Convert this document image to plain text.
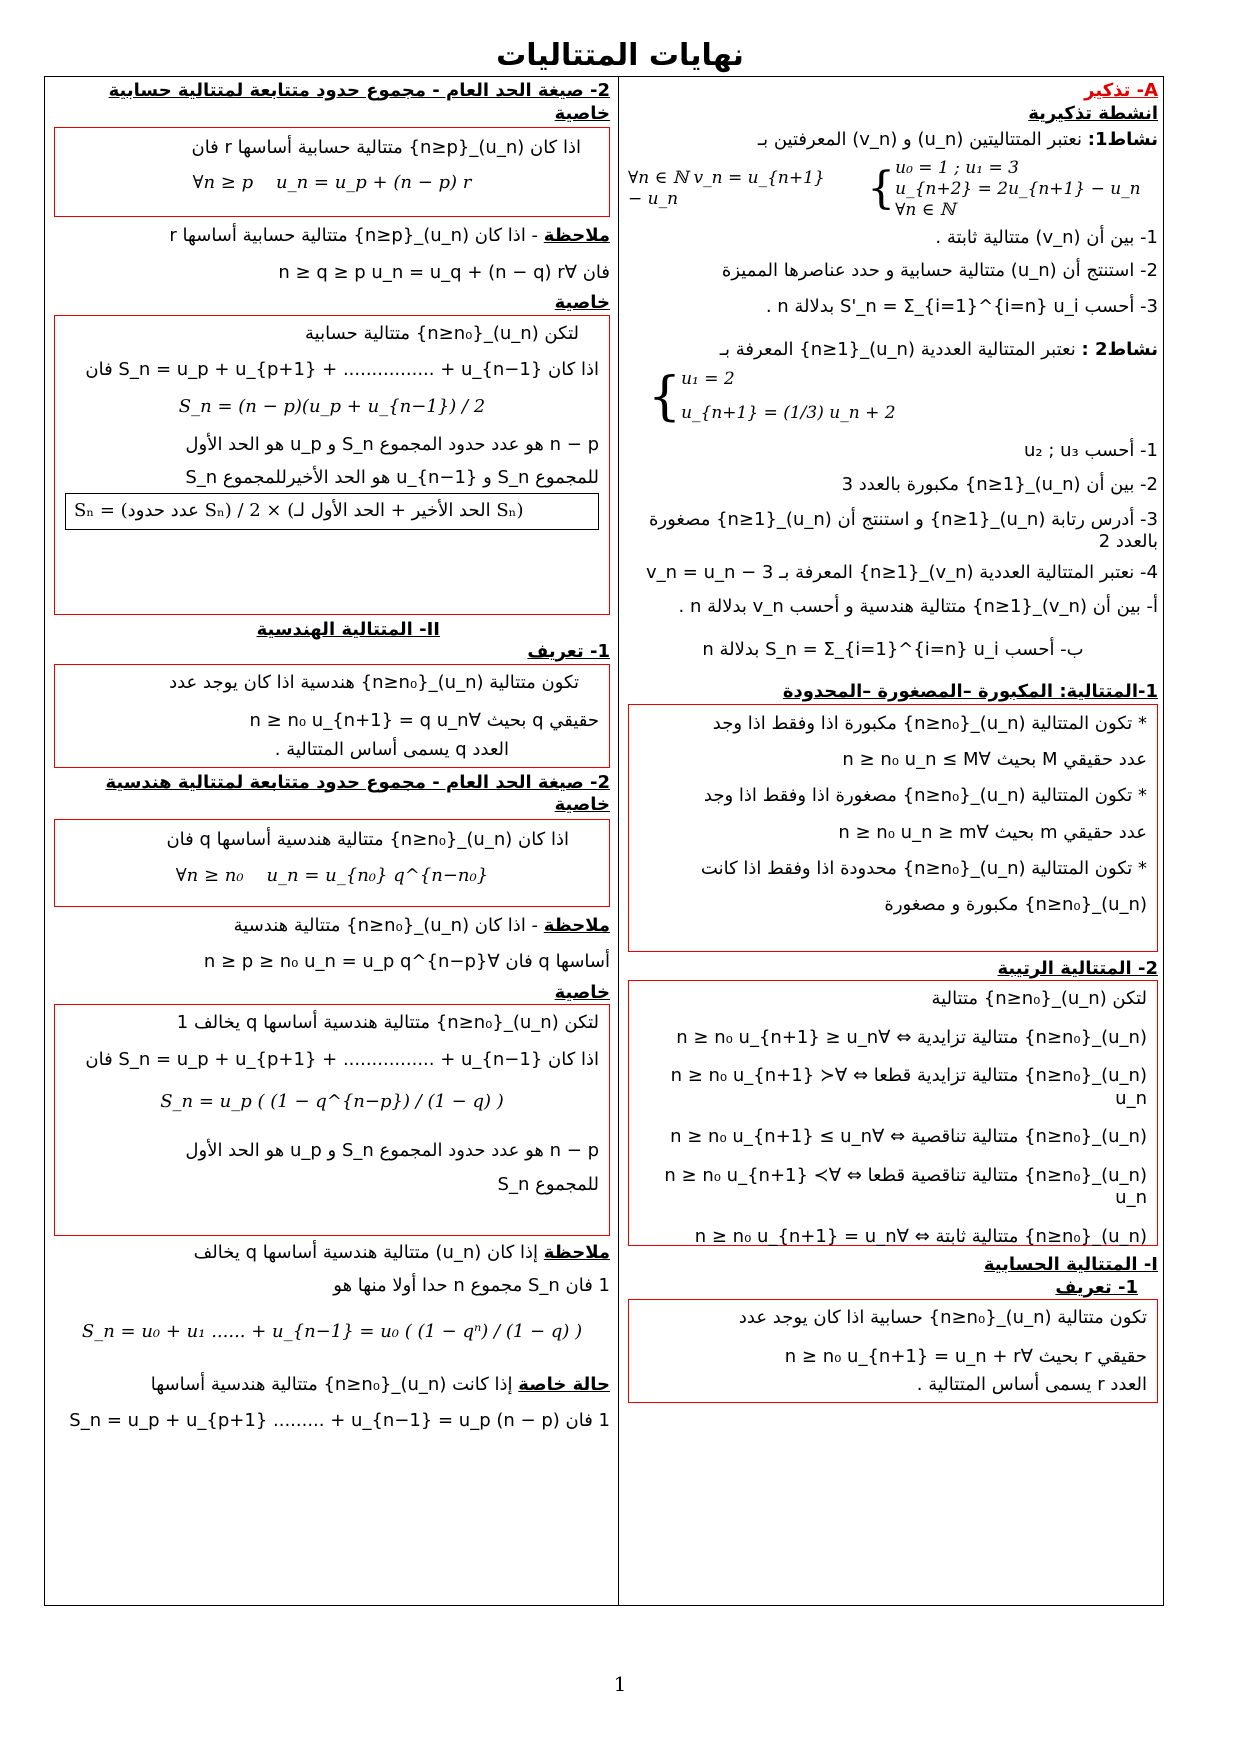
نهايات المتتاليات

A- تذكير

انشطة تذكيرية

نشاط1: نعتبر المتتاليتين (u_n) و (v_n) المعرفتين بـ

∀n ∈ ℕ v_n = u_{n+1} − u_n	{ u₀ = 1 ; u₁ = 3
u_{n+2} = 2u_{n+1} − u_n ∀n ∈ ℕ

1- بين أن (v_n) متتالية ثابتة .

2- استنتج أن (u_n) متتالية حسابية و حدد عناصرها المميزة

3- أحسب S'_n = Σ_{i=1}^{i=n} u_i بدلالة n .

نشاط2 : نعتبر المتتالية العددية (u_n)_{n≥1} المعرفة بـ

{ u₁ = 2
u_{n+1} = (1/3) u_n + 2

1- أحسب u₂ ; u₃

2- بين أن (u_n)_{n≥1} مكبورة بالعدد 3

3- أدرس رتابة (u_n)_{n≥1} و استنتج أن (u_n)_{n≥1} مصغورة بالعدد 2

4- نعتبر المتتالية العددية (v_n)_{n≥1} المعرفة بـ v_n = u_n − 3

أ- بين أن (v_n)_{n≥1} متتالية هندسية و أحسب v_n بدلالة n .

ب- أحسب S_n = Σ_{i=1}^{i=n} u_i بدلالة n

1-المتتالية: المكبورة –المصغورة –المحدودة

* تكون المتتالية (u_n)_{n≥n₀} مكبورة اذا وفقط اذا وجد

عدد حقيقي M بحيث ∀n ≥ n₀ u_n ≤ M

* تكون المتتالية (u_n)_{n≥n₀} مصغورة اذا وفقط اذا وجد

عدد حقيقي m بحيث ∀n ≥ n₀ u_n ≥ m

* تكون المتتالية (u_n)_{n≥n₀} محدودة اذا وفقط اذا كانت

(u_n)_{n≥n₀} مكبورة و مصغورة

2- المتتالية الرتيبة

لتكن (u_n)_{n≥n₀} متتالية

(u_n)_{n≥n₀} متتالية تزايدية ⇔ ∀n ≥ n₀ u_{n+1} ≥ u_n

(u_n)_{n≥n₀} متتالية تزايدية قطعا ⇔ ∀n ≥ n₀ u_{n+1} ≻ u_n

(u_n)_{n≥n₀} متتالية تناقصية ⇔ ∀n ≥ n₀ u_{n+1} ≤ u_n

(u_n)_{n≥n₀} متتالية تناقصية قطعا ⇔ ∀n ≥ n₀ u_{n+1} ≺ u_n

(u_n)_{n≥n₀} متتالية ثابتة ⇔ ∀n ≥ n₀ u_{n+1} = u_n

I- المتتالية الحسابية

1- تعريف

تكون متتالية (u_n)_{n≥n₀} حسابية اذا كان يوجد عدد

حقيقي r بحيث ∀n ≥ n₀ u_{n+1} = u_n + r

العدد r يسمى أساس المتتالية .

2- صيغة الحد العام - مجموع حدود متتابعة لمتتالية حسابية

خاصية

اذا كان (u_n)_{n≥p} متتالية حسابية أساسها r فان

∀n ≥ p    u_n = u_p + (n − p) r

ملاحظة - اذا كان (u_n)_{n≥p} متتالية حسابية أساسها r

فان ∀n ≥ q ≥ p u_n = u_q + (n − q) r

خاصية

لتكن (u_n)_{n≥n₀} متتالية حسابية

اذا كان S_n = u_p + u_{p+1} + ................ + u_{n−1} فان

S_n = (n − p)(u_p + u_{n−1}) / 2

n − p هو عدد حدود المجموع S_n و u_p هو الحد الأول

للمجموع S_n و u_{n−1} هو الحد الأخيرللمجموع S_n

Sₙ = (عدد حدود Sₙ) / 2 × (الحد الأخير + الحد الأول لـ Sₙ)

II- المتتالية الهندسية

1- تعريف

تكون متتالية (u_n)_{n≥n₀} هندسية اذا كان يوجد عدد

حقيقي q بحيث ∀n ≥ n₀ u_{n+1} = q u_n

العدد q يسمى أساس المتتالية .

2- صيغة الحد العام - مجموع حدود متتابعة لمتتالية هندسية

خاصية

اذا كان (u_n)_{n≥n₀} متتالية هندسية أساسها q فان

∀n ≥ n₀    u_n = u_{n₀} q^{n−n₀}

ملاحظة - اذا كان (u_n)_{n≥n₀} متتالية هندسية

أساسها q فان ∀n ≥ p ≥ n₀ u_n = u_p q^{n−p}

خاصية

لتكن (u_n)_{n≥n₀} متتالية هندسية أساسها q يخالف 1

اذا كان S_n = u_p + u_{p+1} + ................ + u_{n−1} فان

S_n = u_p ( (1 − q^{n−p}) / (1 − q) )

n − p هو عدد حدود المجموع S_n و u_p هو الحد الأول

للمجموع S_n

ملاحظة إذا كان (u_n) متتالية هندسية أساسها q يخالف

1 فان S_n مجموع n حدا أولا منها هو

S_n = u₀ + u₁ ...... + u_{n−1} = u₀ ( (1 − qⁿ) / (1 − q) )

حالة خاصة إذا كانت (u_n)_{n≥n₀} متتالية هندسية أساسها

1 فان S_n = u_p + u_{p+1} ......... + u_{n−1} = u_p (n − p)

1
